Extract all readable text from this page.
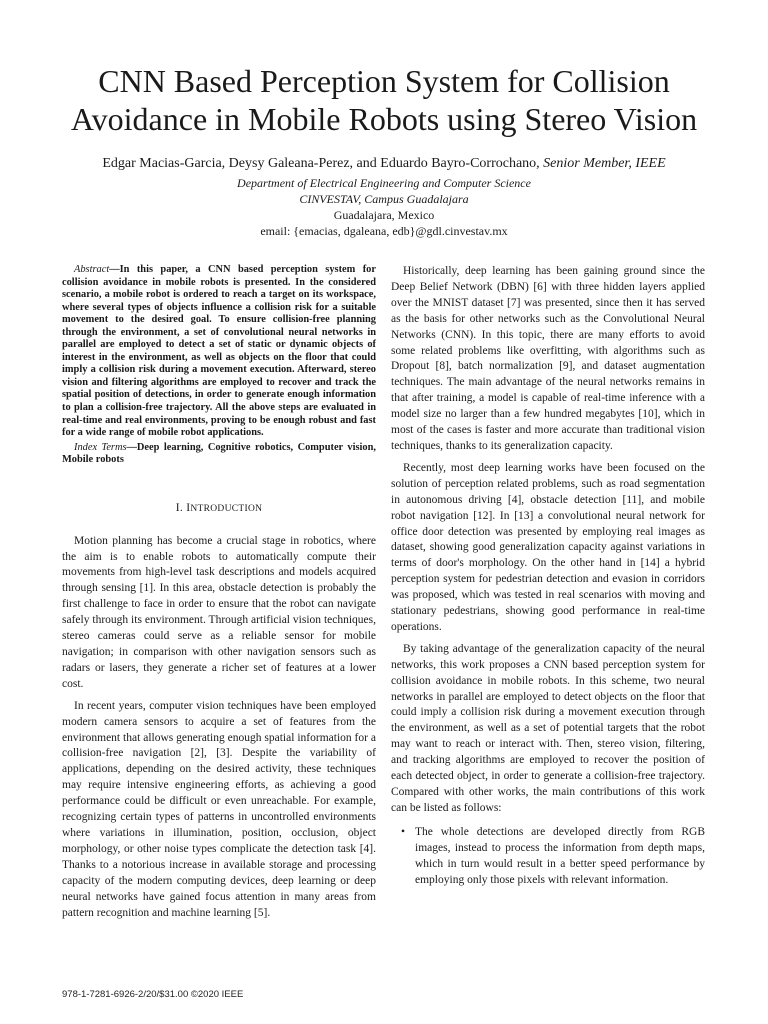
CNN Based Perception System for Collision Avoidance in Mobile Robots using Stereo Vision
Edgar Macias-Garcia, Deysy Galeana-Perez, and Eduardo Bayro-Corrochano, Senior Member, IEEE
Department of Electrical Engineering and Computer Science
CINVESTAV, Campus Guadalajara
Guadalajara, Mexico
email: {emacias, dgaleana, edb}@gdl.cinvestav.mx

Abstract—In this paper, a CNN based perception system for collision avoidance in mobile robots is presented. In the considered scenario, a mobile robot is ordered to reach a target on its workspace, where several types of objects influence a collision risk for a suitable movement to the desired goal. To ensure collision-free planning through the environment, a set of convolutional neural networks in parallel are employed to detect a set of static or dynamic objects of interest in the environment, as well as objects on the floor that could imply a collision risk during a movement execution. Afterward, stereo vision and filtering algorithms are employed to recover and track the spatial position of detections, in order to generate enough information to plan a collision-free trajectory. All the above steps are evaluated in real-time and real environments, proving to be enough robust and fast for a wide range of mobile robot applications.

Index Terms—Deep learning, Cognitive robotics, Computer vision, Mobile robots

I. INTRODUCTION

Motion planning has become a crucial stage in robotics, where the aim is to enable robots to automatically compute their movements from high-level task descriptions and models acquired through sensing [1]. In this area, obstacle detection is probably the first challenge to face in order to ensure that the robot can navigate safely through its environment. Through artificial vision techniques, stereo cameras could serve as a reliable sensor for mobile navigation; in comparison with other navigation sensors such as radars or lasers, they generate a richer set of features at a lower cost.

In recent years, computer vision techniques have been employed modern camera sensors to acquire a set of features from the environment that allows generating enough spatial information for a collision-free navigation [2], [3]. Despite the variability of applications, depending on the desired activity, these techniques may require intensive engineering efforts, as achieving a good performance could be difficult or even unreachable. For example, recognizing certain types of patterns in uncontrolled environments where variations in illumination, position, occlusion, object morphology, or other noise types complicate the detection task [4]. Thanks to a notorious increase in available storage and processing capacity of the modern computing devices, deep learning or deep neural networks have gained focus attention in many areas from pattern recognition and machine learning [5].

Historically, deep learning has been gaining ground since the Deep Belief Network (DBN) [6] with three hidden layers applied over the MNIST dataset [7] was presented, since then it has served as the basis for other networks such as the Convolutional Neural Networks (CNN). In this topic, there are many efforts to avoid some related problems like overfitting, with algorithms such as Dropout [8], batch normalization [9], and dataset augmentation techniques. The main advantage of the neural networks remains in that after training, a model is capable of real-time inference with a model size no larger than a few hundred megabytes [10], which in most of the cases is faster and more accurate than traditional vision techniques, thanks to its generalization capacity.

Recently, most deep learning works have been focused on the solution of perception related problems, such as road segmentation in autonomous driving [4], obstacle detection [11], and mobile robot navigation [12]. In [13] a convolutional neural network for office door detection was presented by employing real images as dataset, showing good generalization capacity against variations in terms of door's morphology. On the other hand in [14] a hybrid perception system for pedestrian detection and evasion in corridors was proposed, which was tested in real scenarios with moving and stationary pedestrians, showing good performance in real-time operations.

By taking advantage of the generalization capacity of the neural networks, this work proposes a CNN based perception system for collision avoidance in mobile robots. In this scheme, two neural networks in parallel are employed to detect objects on the floor that could imply a collision risk during a movement execution through the environment, as well as a set of potential targets that the robot may want to reach or interact with. Then, stereo vision, filtering, and tracking algorithms are employed to recover the position of each detected object, in order to generate a collision-free trajectory. Compared with other works, the main contributions of this work can be listed as follows:

• The whole detections are developed directly from RGB images, instead to process the information from depth maps, which in turn would result in a better speed performance by employing only those pixels with relevant information.
978-1-7281-6926-2/20/$31.00 ©2020 IEEE
